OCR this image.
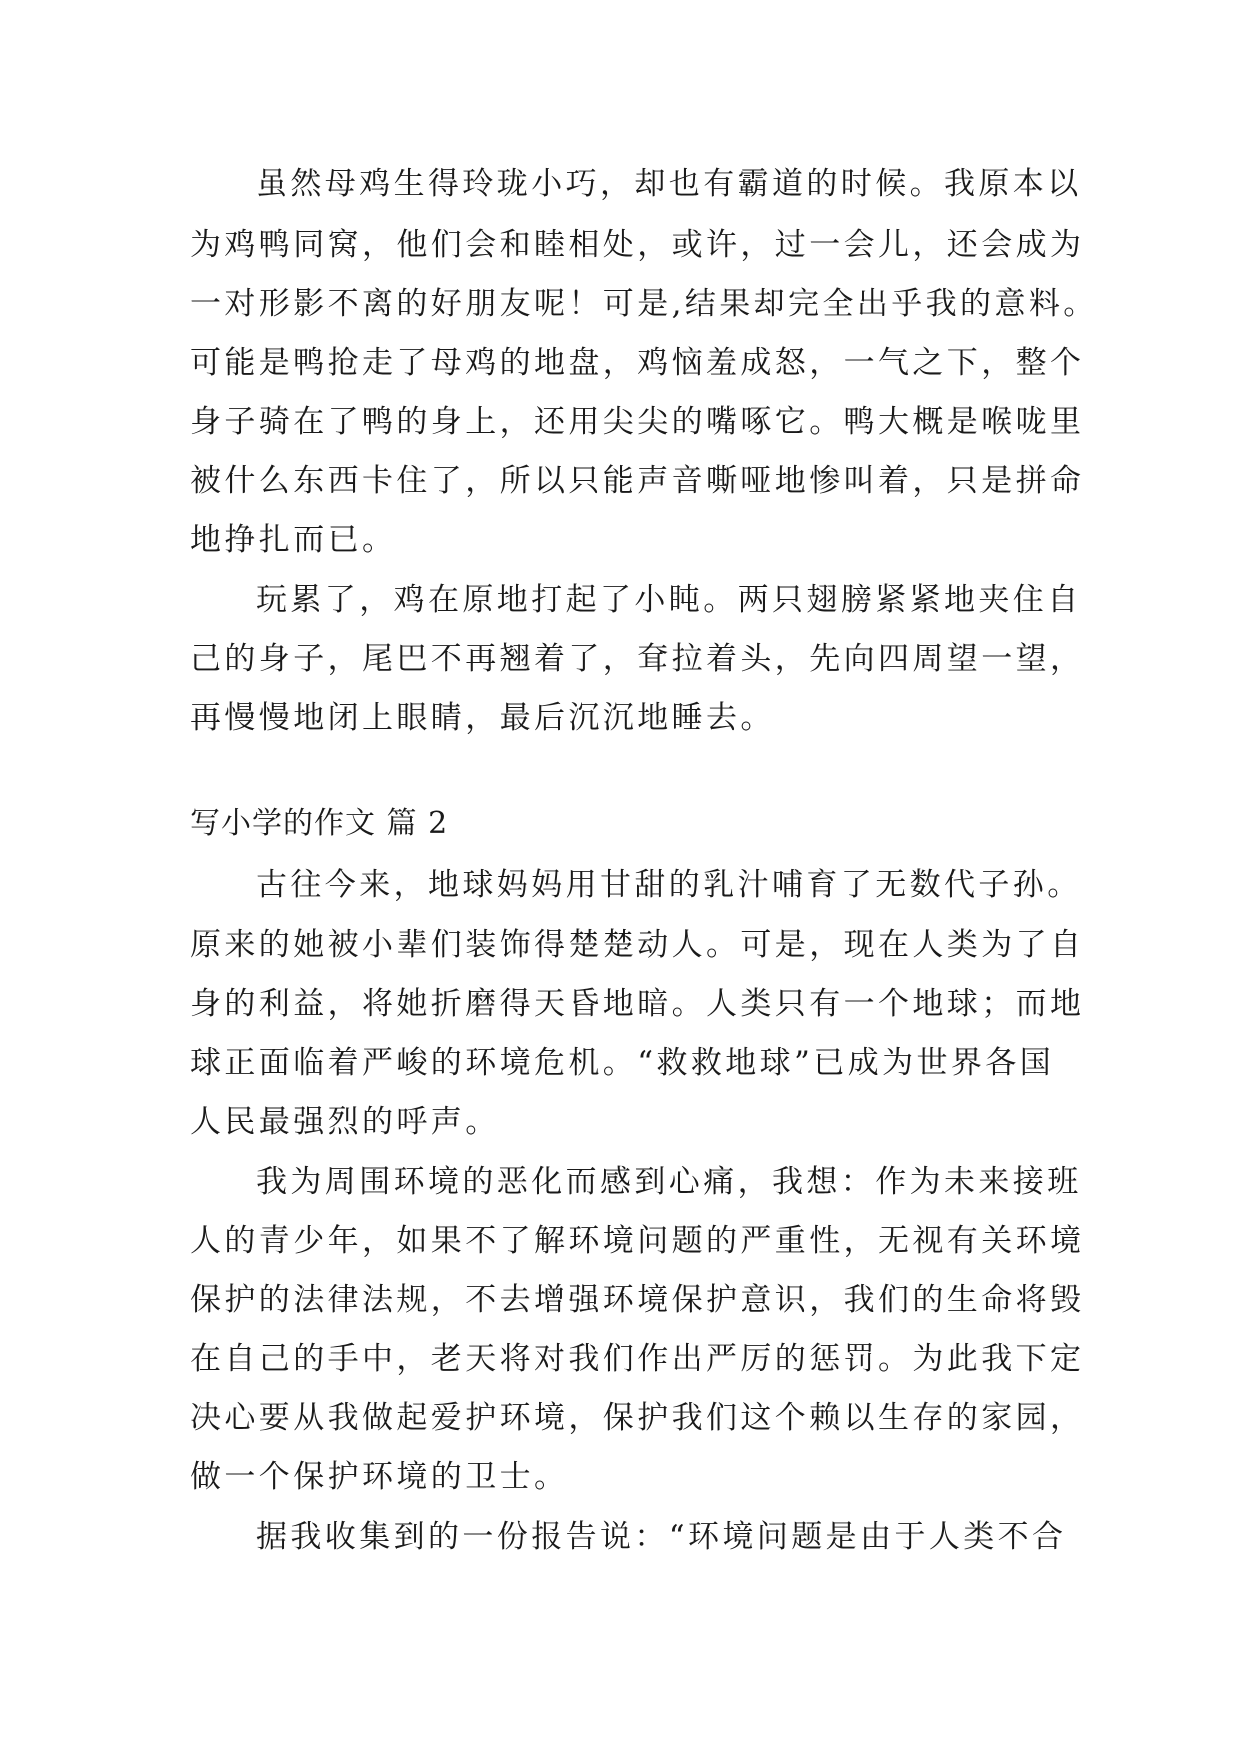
虽然母鸡生得玲珑小巧，却也有霸道的时候。我原本以
为鸡鸭同窝，他们会和睦相处，或许，过一会儿，还会成为
一对形影不离的好朋友呢！可是,结果却完全出乎我的意料。
可能是鸭抢走了母鸡的地盘，鸡恼羞成怒，一气之下，整个
身子骑在了鸭的身上，还用尖尖的嘴啄它。鸭大概是喉咙里
被什么东西卡住了，所以只能声音嘶哑地惨叫着，只是拼命
地挣扎而已。
玩累了，鸡在原地打起了小盹。两只翅膀紧紧地夹住自
己的身子，尾巴不再翘着了，耷拉着头，先向四周望一望，
再慢慢地闭上眼睛，最后沉沉地睡去。
写小学的作文 篇 2
古往今来，地球妈妈用甘甜的乳汁哺育了无数代子孙。
原来的她被小辈们装饰得楚楚动人。可是，现在人类为了自
身的利益，将她折磨得天昏地暗。人类只有一个地球；而地
球正面临着严峻的环境危机。“救救地球”已成为世界各国
人民最强烈的呼声。
我为周围环境的恶化而感到心痛，我想：作为未来接班
人的青少年，如果不了解环境问题的严重性，无视有关环境
保护的法律法规，不去增强环境保护意识，我们的生命将毁
在自己的手中，老天将对我们作出严厉的惩罚。为此我下定
决心要从我做起爱护环境，保护我们这个赖以生存的家园，
做一个保护环境的卫士。
据我收集到的一份报告说：“环境问题是由于人类不合
